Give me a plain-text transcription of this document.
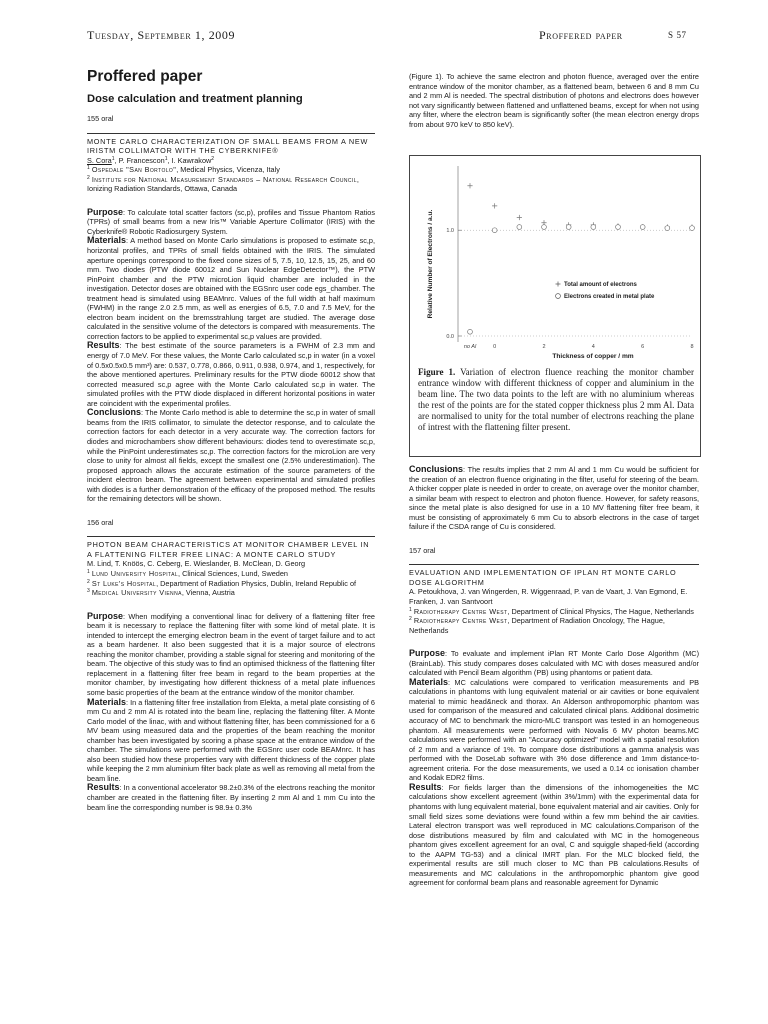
Tuesday, September 1, 2009	Proffered paper	S 57
Proffered paper
Dose calculation and treatment planning

155 oral

MONTE CARLO CHARACTERIZATION OF SMALL BEAMS FROM A NEW IRISTM COLLIMATOR WITH THE CYBERKNIFE®

S. Cora$^1$, P. Francescon$^1$, I. Kawrakow$^2$

$^1$ Ospedale "San Bortolo", Medical Physics, Vicenza, Italy

$^2$ Institute for National Measurement Standards – National Research Council, Ionizing Radiation Standards, Ottawa, Canada

Purpose: To calculate total scatter factors (sc,p), profiles and Tissue Phantom Ratios (TPRs) of small beams from a new Iris™ Variable Aperture Collimator (IRIS) with the Cyberknife® Robotic Radiosurgery System.

Materials: A method based on Monte Carlo simulations is proposed to estimate sc,p, horizontal profiles, and TPRs of small fields obtained with the IRIS. The simulated aperture openings correspond to the fixed cone sizes of 5, 7.5, 10, 12.5, 15, 25, and 60 mm. Two diodes (PTW diode 60012 and Sun Nuclear EdgeDetector™), the PTW PinPoint chamber and the PTW microLion liquid chamber are included in the investigation. Detector doses are obtained with the EGSnrc user code egs_chamber. The treatment head is simulated using BEAMnrc. Values of the full width at half maximum (FWHM) in the range 2.0 2.5 mm, as well as energies of 6.5, 7.0 and 7.5 MeV, for the electron beam incident on the bremsstrahlung target are studied. The average dose calculated in the sensitive volume of the detectors is compared with measurements. The correction factors to be applied to experimental sc,p values are provided.

Results: The best estimate of the source parameters is a FWHM of 2.3 mm and energy of 7.0 MeV. For these values, the Monte Carlo calculated sc,p in water (in a voxel of 0.5x0.5x0.5 mm³) are: 0.537, 0.778, 0.866, 0.911, 0.938, 0.974, and 1, respectively, for the above mentioned apertures. Preliminary results for the PTW diode 60012 show that corrected measured sc,p agree with the Monte Carlo calculated sc,p in water. The simulated profiles with the PTW diode displaced in different horizontal positions in water are coincident with the experimental profiles.

Conclusions: The Monte Carlo method is able to determine the sc,p in water of small beams from the IRIS collimator, to simulate the detector response, and to calculate the correction factors for each detector in a very accurate way. The correction factors for diodes and microchambers show different behaviours: diodes tend to overestimate sc,p, while the PinPoint underestimates sc,p. The correction factors for the microLion are very close to unity for almost all fields, except the smallest one (2.5% underestimation). The proposed approach allows the accurate estimation of the source parameters of the incident electron beam. The agreement between experimental and simulated profiles with diodes is a further demonstration of the efficacy of the proposed method. The results for the remaining detectors will be shown.

156 oral

PHOTON BEAM CHARACTERISTICS AT MONITOR CHAMBER LEVEL IN A FLATTENING FILTER FREE LINAC: A MONTE CARLO STUDY

M. Lind, T. Knöös, C. Ceberg, E. Wieslander, B. McClean, D. Georg

$^1$ Lund University Hospital, Clinical Sciences, Lund, Sweden

$^2$ St Luke's Hospital, Department of Radiation Physics, Dublin, Ireland Republic of

$^3$ Medical University Vienna, Vienna, Austria

Purpose: When modifying a conventional linac for delivery of a flattening filter free beam it is necessary to replace the flattening filter with some kind of metal plate. It is intended to intercept the emerging electron beam in the event of target failure and to act as a beam hardener. It also been suggested that it is a major source of electrons reaching the monitor chamber, providing a stable signal for steering and monitoring of the beam. The objective of this study was to find an optimised thickness of the flattening filter replacement in a flattening filter free beam in regard to the beam properties at the monitor chamber, by investigating how different thickness of a metal plate influences some basic properties of the beam at the entrance window of the monitor chamber.

Materials: In a flattening filter free installation from Elekta, a metal plate consisting of 6 mm Cu and 2 mm Al is rotated into the beam line, replacing the flattening filter. A Monte Carlo model of the linac, with and without flattening filter, has been commissioned for a 6 MV beam using measured data and the properties of the beam reaching the monitor chamber has been investigated by scoring a phase space at the entrance window of the chamber. The simulations were performed with the EGSnrc user code BEAMnrc. It has also been studied how these properties vary with different thickness of the copper plate while keeping the 2 mm aluminium filter back plate as well as removing all metal from the beam line.

Results: In a conventional accelerator 98.2±0.3% of the electrons reaching the monitor chamber are created in the flattening filter. By inserting 2 mm Al and 1 mm Cu into the beam line the corresponding number is 98.9± 0.3%

(Figure 1). To achieve the same electron and photon fluence, averaged over the entire entrance window of the monitor chamber, as a flattened beam, between 6 and 8 mm Cu and 2 mm Al is needed. The spectral distribution of photons and electrons does however not vary significantly between flattened and unflattened beams, except for when not using any filter, where the electron beam is significantly softer (the mean electron energy drops from about 970 keV to 850 keV).

0.0
1.0
no Al	0	2	4	6	8
Thickness of copper / mm
Relative Number of Electrons / a.u.	Total amount of electrons
Electrons created in metal plate
Figure 1. Variation of electron fluence reaching the monitor chamber entrance window with different thickness of copper and aluminium in the beam line. The two data points to the left are with no aluminium whereas the rest of the points are for the stated copper thickness plus 2 mm Al. Data are normalised to unity for the total number of electrons reaching the plane of intrest with the flattening filter present.

Conclusions: The results implies that 2 mm Al and 1 mm Cu would be sufficient for the creation of an electron fluence originating in the filter, useful for steering of the beam. A thicker copper plate is needed in order to create, on average over the monitor chamber, a similar beam with respect to electron and photon fluence. However, for safety reasons, since the metal plate is also designed for use in a 10 MV flattening filter free beam, it must be consisting of approximately 6 mm Cu to absorb electrons in the case of target failure if the CSDA range of Cu is considered.

157 oral

EVALUATION AND IMPLEMENTATION OF IPLAN RT MONTE CARLO DOSE ALGORITHM

A. Petoukhova, J. van Wingerden, R. Wiggenraad, P. van de Vaart, J. Van Egmond, E. Franken, J. van Santvoort

$^1$ Radiotherapy Centre West, Department of Clinical Physics, The Hague, Netherlands

$^2$ Radiotherapy Centre West, Department of Radiation Oncology, The Hague, Netherlands

Purpose: To evaluate and implement iPlan RT Monte Carlo Dose Algorithm (MC) (BrainLab). This study compares doses calculated with MC with doses measured and/or calculated with Pencil Beam algorithm (PB) using phantoms or patient data.

Materials: MC calculations were compared to verification measurements and PB calculations in phantoms with lung equivalent material or air cavities or bone equivalent material to mimic head&neck and thorax. An Alderson anthropomorphic phantom was used for comparison of the measured and calculated clinical plans. Additional dosimetric accuracy of MC to benchmark the micro-MLC transport was tested in an homogeneous phantom. All measurements were performed with Novalis 6 MV photon beams.MC calculations were performed with an "Accuracy optimized" model with a spatial resolution of 2 mm and a variance of 1%. To compare dose distributions a gamma analysis was performed with the DoseLab software with 3% dose difference and 1mm distance-to-agreement criteria. For the dose measurements, we used a 0.14 cc ionisation chamber and Kodak EDR2 films.

Results: For fields larger than the dimensions of the inhomogeneities the MC calculations show excellent agreement (within 3%/1mm) with the experimental data for phantoms with lung equivalent material, bone equivalent material and air cavities. Only for small field sizes some deviations were found within a few mm behind the air cavities. Lateral electron transport was well reproduced in MC calculations.Comparison of the dose distributions measured by film and calculated with MC in the homogeneous phantom gives excellent agreement for an oval, C and squiggle shaped-field (according to the AAPM TG-53) and a clinical IMRT plan. For the MLC blocked field, the experimental results are still much closer to MC than PB calculations.Results of measurements and MC calculations in the anthropomorphic phantom give good agreement for conformal beam plans and reasonable agreement for Dynamic
